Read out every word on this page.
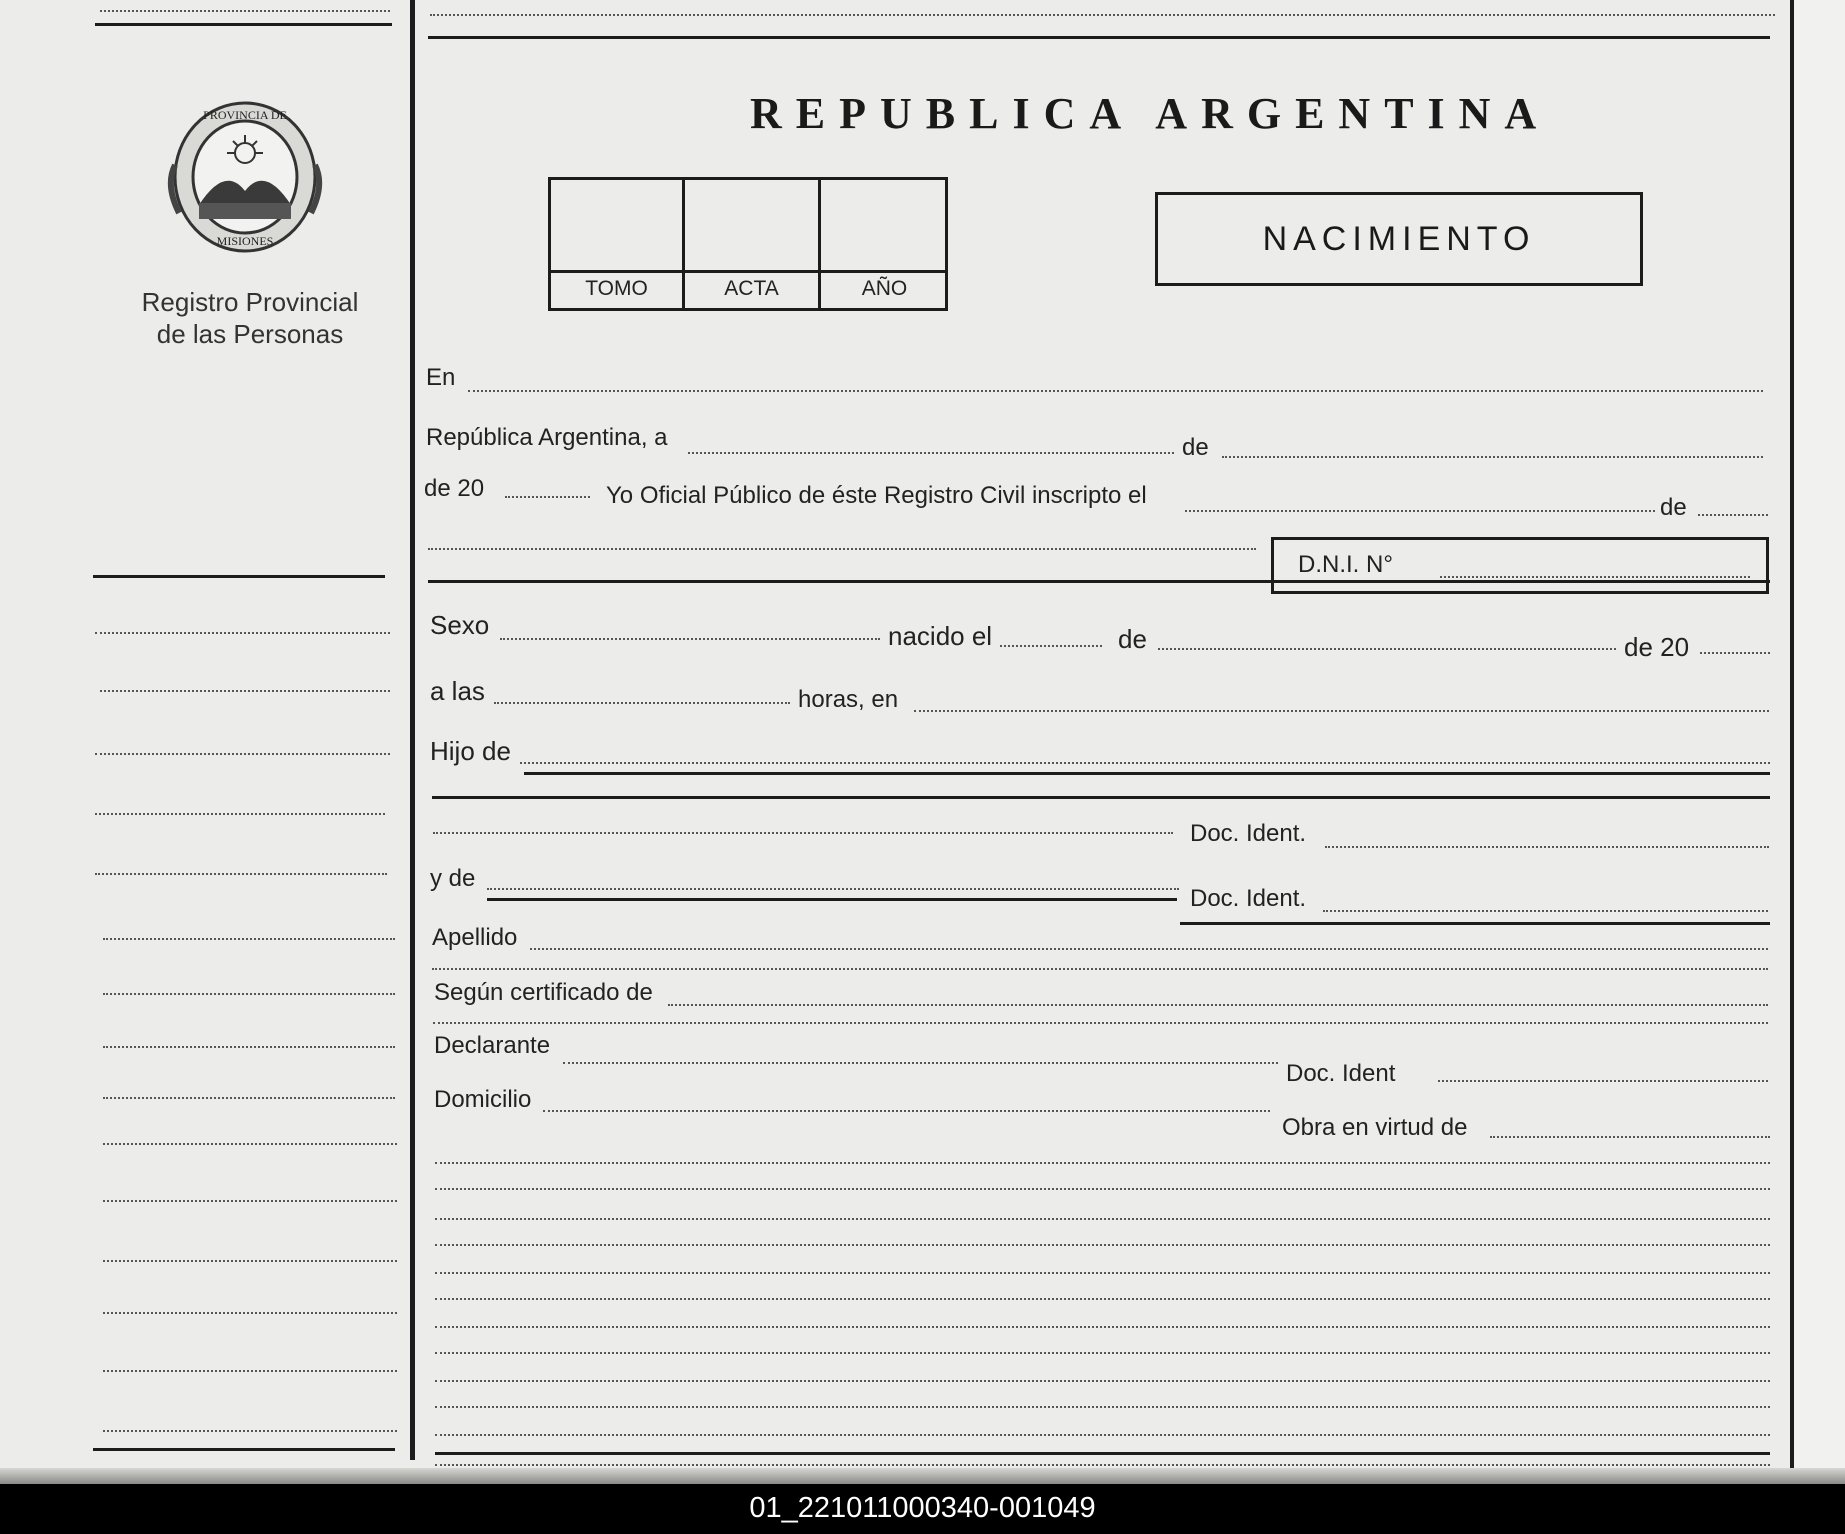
PROVINCIA DE
MISIONES
Registro Provincial
de las Personas
REPUBLICA ARGENTINA
TOMO	ACTA	AÑO
NACIMIENTO
En
República Argentina, a	de
de 20	Yo Oficial Público de éste Registro Civil inscripto el	de
D.N.I. N°
Sexo	nacido el	de	de 20
a las	horas, en
Hijo de
Doc. Ident.
y de
Doc. Ident.
Apellido
Según certificado de
Declarante
Doc. Ident
Domicilio
Obra en virtud de
01_221011000340-001049
